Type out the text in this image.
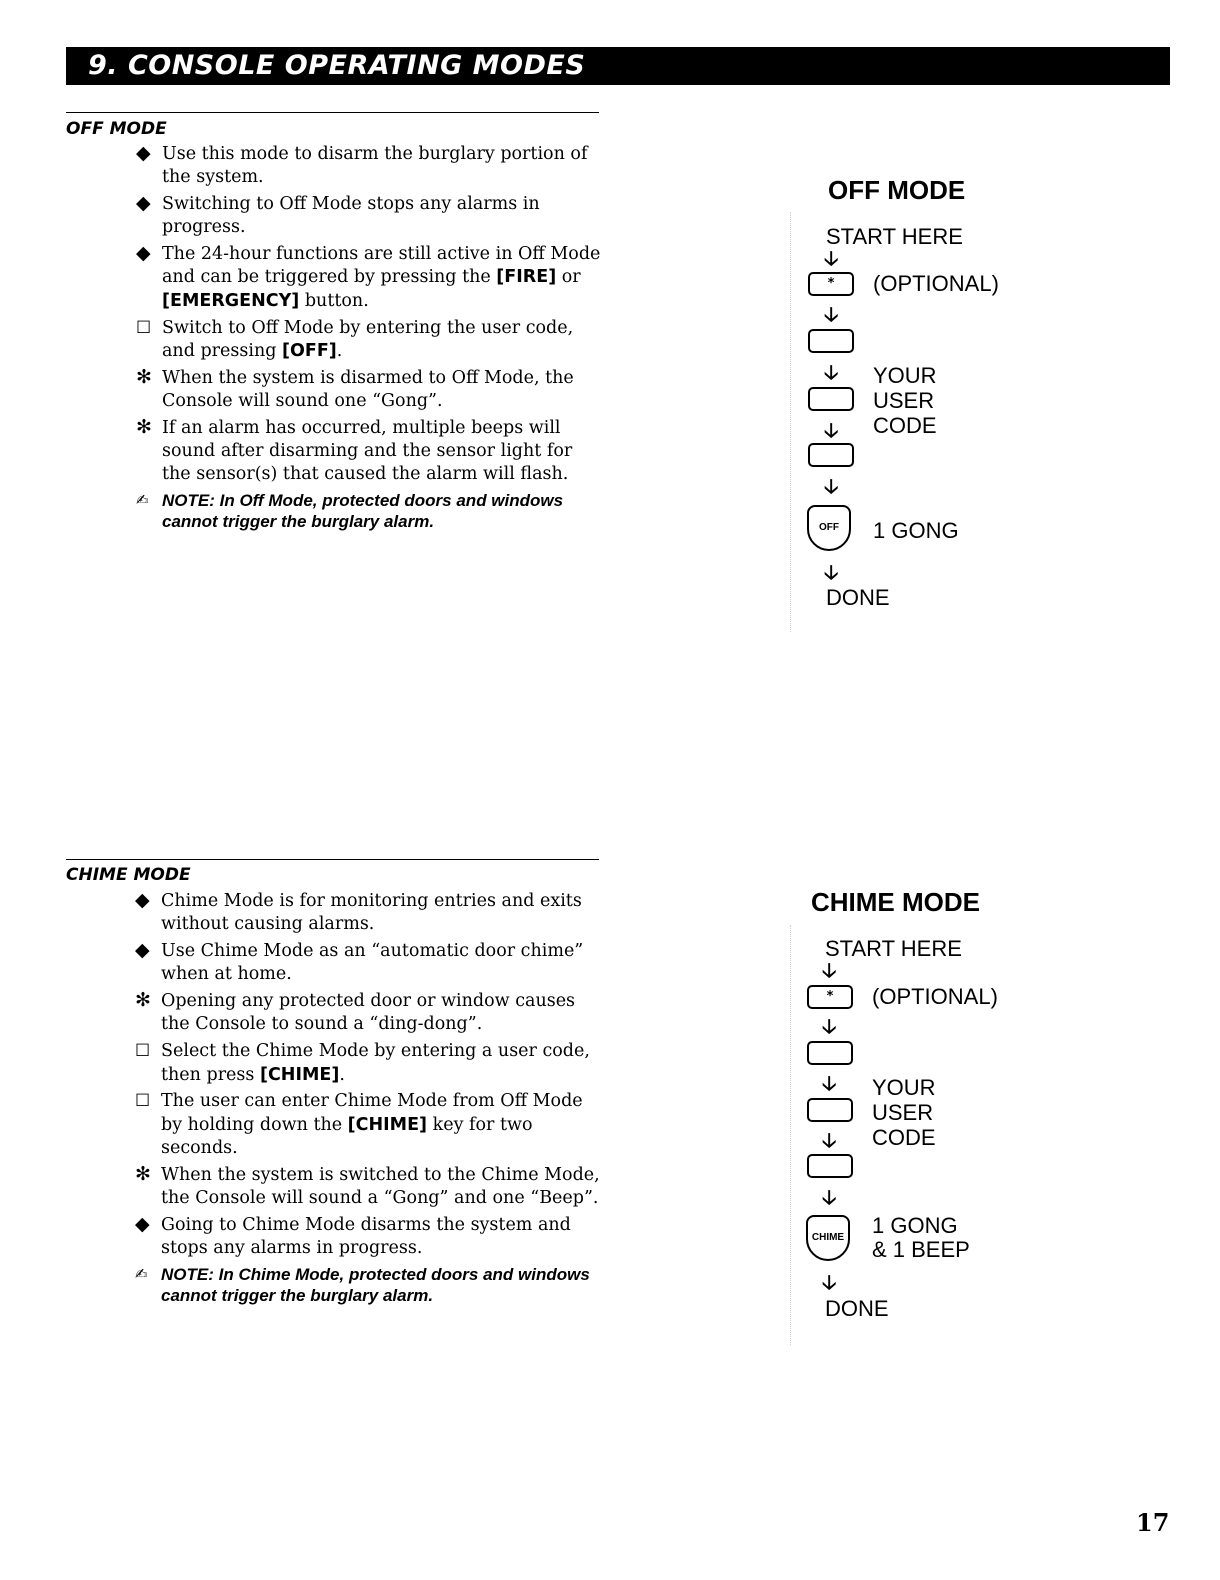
9. CONSOLE OPERATING MODES
OFF MODE
◆ Use this mode to disarm the burglary portion of the system.
◆ Switching to Off Mode stops any alarms in progress.
◆ The 24-hour functions are still active in Off Mode and can be triggered by pressing the [FIRE] or [EMERGENCY] button.
☐ Switch to Off Mode by entering the user code, and pressing [OFF].
✻ When the system is disarmed to Off Mode, the Console will sound one “Gong”.
✻ If an alarm has occurred, multiple beeps will sound after disarming and the sensor light for the sensor(s) that caused the alarm will flash.
✍ NOTE: In Off Mode, protected doors and windows cannot trigger the burglary alarm.
OFF MODE
START HERE
🡣
*	(OPTIONAL)
🡣
🡣
🡣
YOUR
USER
CODE
🡣
OFF	1 GONG
🡣
DONE
CHIME MODE
◆ Chime Mode is for monitoring entries and exits without causing alarms.
◆ Use Chime Mode as an “automatic door chime” when at home.
✻ Opening any protected door or window causes the Console to sound a “ding-dong”.
☐ Select the Chime Mode by entering a user code, then press [CHIME].
☐ The user can enter Chime Mode from Off Mode by holding down the [CHIME] key for two seconds.
✻ When the system is switched to the Chime Mode, the Console will sound a “Gong” and one “Beep”.
◆ Going to Chime Mode disarms the system and stops any alarms in progress.
✍ NOTE: In Chime Mode, protected doors and windows cannot trigger the burglary alarm.
CHIME MODE
START HERE
🡣
*	(OPTIONAL)
🡣
🡣
🡣
YOUR
USER
CODE
🡣
CHIME 1 GONG
& 1 BEEP
🡣
DONE
17
